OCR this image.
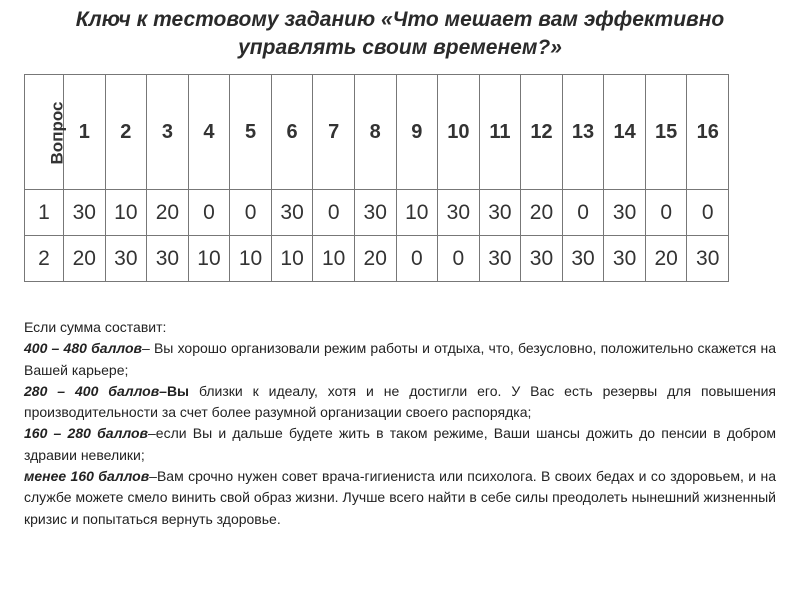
Ключ к тестовому заданию «Что мешает вам эффективно управлять своим временем?»
Вопрос	1	2	3	4	5	6	7	8	9	10	11	12	13	14	15	16
1	30	10	20	0	0	30	0	30	10	30	30	20	0	30	0	0
2	20	30	30	10	10	10	10	20	0	0	30	30	30	30	20	30

Если сумма составит:

400 – 480 баллов– Вы хорошо организовали режим работы и отдыха, что, безусловно, положительно скажется на Вашей карьере;

280 – 400 баллов–Вы близки к идеалу, хотя и не достигли его. У Вас есть резервы для повышения производительности за счет более разумной организации своего распорядка;

160 – 280 баллов–если Вы и дальше будете жить в таком режиме, Ваши шансы дожить до пенсии в добром здравии невелики;

менее 160 баллов–Вам срочно нужен совет врача-гигиениста или психолога. В своих бедах и со здоровьем, и на службе можете смело винить свой образ жизни. Лучше всего найти в себе силы преодолеть нынешний жизненный кризис и попытаться вернуть здоровье.
